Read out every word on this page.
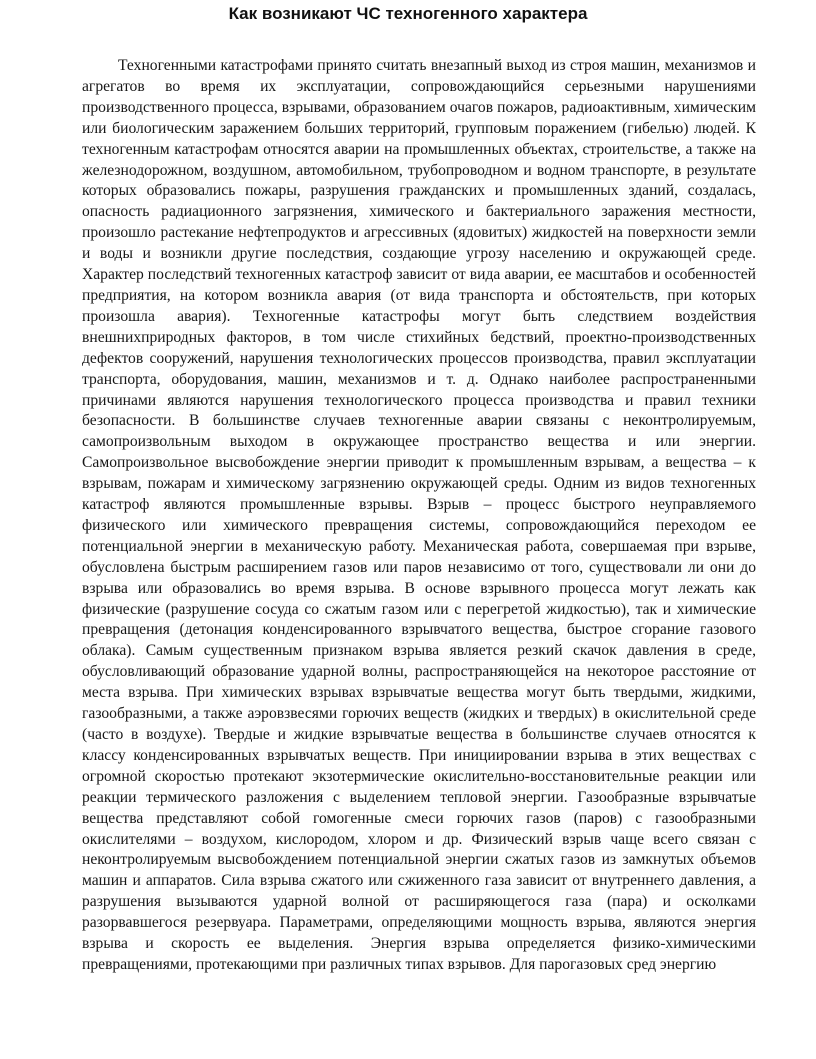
Как возникают ЧС техногенного характера

Техногенными катастрофами принято считать внезапный выход из строя машин, механизмов и агрегатов во время их эксплуатации, сопровождающийся серьезными нарушениями производственного процесса, взрывами, образованием очагов пожаров, радиоактивным, химическим или биологическим заражением больших территорий, групповым поражением (гибелью) людей. К техногенным катастрофам относятся аварии на промышленных объектах, строительстве, а также на железнодорожном, воздушном, автомобильном, трубопроводном и водном транспорте, в результате которых образовались пожары, разрушения гражданских и промышленных зданий, создалась, опасность радиационного загрязнения, химического и бактериального заражения местности, произошло растекание нефтепродуктов и агрессивных (ядовитых) жидкостей на поверхности земли и воды и возникли другие последствия, создающие угрозу населению и окружающей среде. Характер последствий техногенных катастроф зависит от вида аварии, ее масштабов и особенностей предприятия, на котором возникла авария (от вида транспорта и обстоятельств, при которых произошла авария). Техногенные катастрофы могут быть следствием воздействия внешнихприродных факторов, в том числе стихийных бедствий, проектно-производственных дефектов сооружений, нарушения технологических процессов производства, правил эксплуатации транспорта, оборудования, машин, механизмов и т. д. Однако наиболее распространенными причинами являются нарушения технологического процесса производства и правил техники безопасности. В большинстве случаев техногенные аварии связаны с неконтролируемым, самопроизвольным выходом в окружающее пространство вещества и или энергии. Самопроизвольное высвобождение энергии приводит к промышленным взрывам, а вещества – к взрывам, пожарам и химическому загрязнению окружающей среды. Одним из видов техногенных катастроф являются промышленные взрывы. Взрыв – процесс быстрого неуправляемого физического или химического превращения системы, сопровождающийся переходом ее потенциальной энергии в механическую работу. Механическая работа, совершаемая при взрыве, обусловлена быстрым расширением газов или паров независимо от того, существовали ли они до взрыва или образовались во время взрыва. В основе взрывного процесса могут лежать как физические (разрушение сосуда со сжатым газом или с перегретой жидкостью), так и химические превращения (детонация конденсированного взрывчатого вещества, быстрое сгорание газового облака). Самым существенным признаком взрыва является резкий скачок давления в среде, обусловливающий образование ударной волны, распространяющейся на некоторое расстояние от места взрыва. При химических взрывах взрывчатые вещества могут быть твердыми, жидкими, газообразными, а также аэровзвесями горючих веществ (жидких и твердых) в окислительной среде (часто в воздухе). Твердые и жидкие взрывчатые вещества в большинстве случаев относятся к классу конденсированных взрывчатых веществ. При инициировании взрыва в этих веществах с огромной скоростью протекают экзотермические окислительно-восстановительные реакции или реакции термического разложения с выделением тепловой энергии. Газообразные взрывчатые вещества представляют собой гомогенные смеси горючих газов (паров) с газообразными окислителями – воздухом, кислородом, хлором и др. Физический взрыв чаще всего связан с неконтролируемым высвобождением потенциальной энергии сжатых газов из замкнутых объемов машин и аппаратов. Сила взрыва сжатого или сжиженного газа зависит от внутреннего давления, а разрушения вызываются ударной волной от расширяющегося газа (пара) и осколками разорвавшегося резервуара. Параметрами, определяющими мощность взрыва, являются энергия взрыва и скорость ее выделения. Энергия взрыва определяется физико-химическими превращениями, протекающими при различных типах взрывов. Для парогазовых сред энергию
